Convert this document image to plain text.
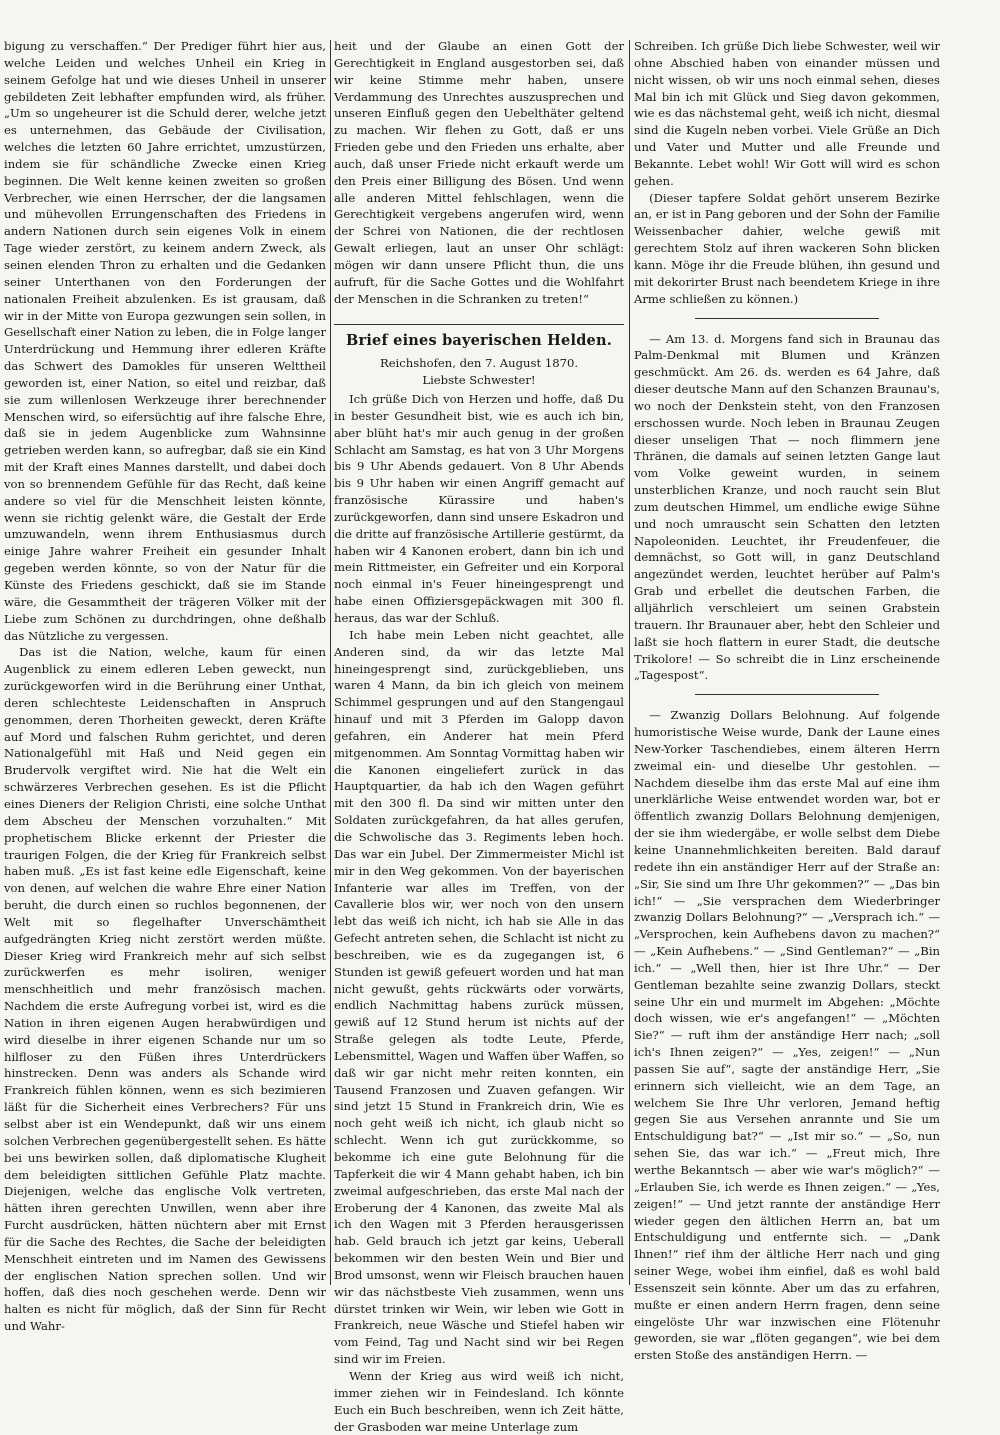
bigung zu verschaffen.“ Der Prediger führt hier aus, welche Leiden und welches Unheil ein Krieg in seinem Gefolge hat und wie dieses Unheil in unserer gebildeten Zeit lebhafter empfunden wird, als früher. „Um so ungeheurer ist die Schuld derer, welche jetzt es unternehmen, das Gebäude der Civilisation, welches die letzten 60 Jahre errichtet, umzustürzen, indem sie für schändliche Zwecke einen Krieg beginnen. Die Welt kenne keinen zweiten so großen Verbrecher, wie einen Herrscher, der die langsamen und mühevollen Errungenschaften des Friedens in andern Nationen durch sein eigenes Volk in einem Tage wieder zerstört, zu keinem andern Zweck, als seinen elenden Thron zu erhalten und die Gedanken seiner Unterthanen von den Forderungen der nationalen Freiheit abzulenken. Es ist grausam, daß wir in der Mitte von Europa gezwungen sein sollen, in Gesellschaft einer Nation zu leben, die in Folge langer Unterdrückung und Hemmung ihrer edleren Kräfte das Schwert des Damokles für unseren Welttheil geworden ist, einer Nation, so eitel und reizbar, daß sie zum willenlosen Werkzeuge ihrer berechnender Menschen wird, so eifersüchtig auf ihre falsche Ehre, daß sie in jedem Augenblicke zum Wahnsinne getrieben werden kann, so aufregbar, daß sie ein Kind mit der Kraft eines Mannes darstellt, und dabei doch von so brennendem Gefühle für das Recht, daß keine andere so viel für die Menschheit leisten könnte, wenn sie richtig gelenkt wäre, die Gestalt der Erde umzuwandeln, wenn ihrem Enthusiasmus durch einige Jahre wahrer Freiheit ein gesunder Inhalt gegeben werden könnte, so von der Natur für die Künste des Friedens geschickt, daß sie im Stande wäre, die Gesammtheit der trägeren Völker mit der Liebe zum Schönen zu durchdringen, ohne deßhalb das Nützliche zu vergessen.

Das ist die Nation, welche, kaum für einen Augenblick zu einem edleren Leben geweckt, nun zurückgeworfen wird in die Berührung einer Unthat, deren schlechteste Leidenschaften in Anspruch genommen, deren Thorheiten geweckt, deren Kräfte auf Mord und falschen Ruhm gerichtet, und deren Nationalgefühl mit Haß und Neid gegen ein Brudervolk vergiftet wird. Nie hat die Welt ein schwärzeres Verbrechen gesehen. Es ist die Pflicht eines Dieners der Religion Christi, eine solche Unthat dem Abscheu der Menschen vorzuhalten.“ Mit prophetischem Blicke erkennt der Priester die traurigen Folgen, die der Krieg für Frankreich selbst haben muß. „Es ist fast keine edle Eigenschaft, keine von denen, auf welchen die wahre Ehre einer Nation beruht, die durch einen so ruchlos begonnenen, der Welt mit so flegelhafter Unverschämtheit aufgedrängten Krieg nicht zerstört werden müßte. Dieser Krieg wird Frankreich mehr auf sich selbst zurückwerfen es mehr isoliren, weniger menschheitlich und mehr französisch machen. Nachdem die erste Aufregung vorbei ist, wird es die Nation in ihren eigenen Augen herabwürdigen und wird dieselbe in ihrer eigenen Schande nur um so hilfloser zu den Füßen ihres Unterdrückers hinstrecken. Denn was anders als Schande wird Frankreich fühlen können, wenn es sich bezimieren läßt für die Sicherheit eines Verbrechers? Für uns selbst aber ist ein Wendepunkt, daß wir uns einem solchen Verbrechen gegenübergestellt sehen. Es hätte bei uns bewirken sollen, daß diplomatische Klugheit dem beleidigten sittlichen Gefühle Platz machte. Diejenigen, welche das englische Volk vertreten, hätten ihren gerechten Unwillen, wenn aber ihre Furcht ausdrücken, hätten nüchtern aber mit Ernst für die Sache des Rechtes, die Sache der beleidigten Menschheit eintreten und im Namen des Gewissens der englischen Nation sprechen sollen. Und wir hoffen, daß dies noch geschehen werde. Denn wir halten es nicht für möglich, daß der Sinn für Recht und Wahr-

heit und der Glaube an einen Gott der Gerechtigkeit in England ausgestorben sei, daß wir keine Stimme mehr haben, unsere Verdammung des Unrechtes auszusprechen und unseren Einfluß gegen den Uebelthäter geltend zu machen. Wir flehen zu Gott, daß er uns Frieden gebe und den Frieden uns erhalte, aber auch, daß unser Friede nicht erkauft werde um den Preis einer Billigung des Bösen. Und wenn alle anderen Mittel fehlschlagen, wenn die Gerechtigkeit vergebens angerufen wird, wenn der Schrei von Nationen, die der rechtlosen Gewalt erliegen, laut an unser Ohr schlägt: mögen wir dann unsere Pflicht thun, die uns aufruft, für die Sache Gottes und die Wohlfahrt der Menschen in die Schranken zu treten!“

Brief eines bayerischen Helden.

Reichshofen, den 7. August 1870.

Liebste Schwester!

Ich grüße Dich von Herzen und hoffe, daß Du in bester Gesundheit bist, wie es auch ich bin, aber blüht hat's mir auch genug in der großen Schlacht am Samstag, es hat von 3 Uhr Morgens bis 9 Uhr Abends gedauert. Von 8 Uhr Abends bis 9 Uhr haben wir einen Angriff gemacht auf französische Kürassire und haben's zurückgeworfen, dann sind unsere Eskadron und die dritte auf französische Artillerie gestürmt, da haben wir 4 Kanonen erobert, dann bin ich und mein Rittmeister, ein Gefreiter und ein Korporal noch einmal in's Feuer hineingesprengt und habe einen Offiziersgepäckwagen mit 300 fl. heraus, das war der Schluß.

Ich habe mein Leben nicht geachtet, alle Anderen sind, da wir das letzte Mal hineingesprengt sind, zurückgeblieben, uns waren 4 Mann, da bin ich gleich von meinem Schimmel gesprungen und auf den Stangengaul hinauf und mit 3 Pferden im Galopp davon gefahren, ein Anderer hat mein Pferd mitgenommen. Am Sonntag Vormittag haben wir die Kanonen eingeliefert zurück in das Hauptquartier, da hab ich den Wagen geführt mit den 300 fl. Da sind wir mitten unter den Soldaten zurückgefahren, da hat alles gerufen, die Schwolische das 3. Regiments leben hoch. Das war ein Jubel. Der Zimmermeister Michl ist mir in den Weg gekommen. Von der bayerischen Infanterie war alles im Treffen, von der Cavallerie blos wir, wer noch von den unsern lebt das weiß ich nicht, ich hab sie Alle in das Gefecht antreten sehen, die Schlacht ist nicht zu beschreiben, wie es da zugegangen ist, 6 Stunden ist gewiß gefeuert worden und hat man nicht gewußt, gehts rückwärts oder vorwärts, endlich Nachmittag habens zurück müssen, gewiß auf 12 Stund herum ist nichts auf der Straße gelegen als todte Leute, Pferde, Lebensmittel, Wagen und Waffen über Waffen, so daß wir gar nicht mehr reiten konnten, ein Tausend Franzosen und Zuaven gefangen. Wir sind jetzt 15 Stund in Frankreich drin, Wie es noch geht weiß ich nicht, ich glaub nicht so schlecht. Wenn ich gut zurückkomme, so bekomme ich eine gute Belohnung für die Tapferkeit die wir 4 Mann gehabt haben, ich bin zweimal aufgeschrieben, das erste Mal nach der Eroberung der 4 Kanonen, das zweite Mal als ich den Wagen mit 3 Pferden herausgerissen hab. Geld brauch ich jetzt gar keins, Ueberall bekommen wir den besten Wein und Bier und Brod umsonst, wenn wir Fleisch brauchen hauen wir das nächstbeste Vieh zusammen, wenn uns dürstet trinken wir Wein, wir leben wie Gott in Frankreich, neue Wäsche und Stiefel haben wir vom Feind, Tag und Nacht sind wir bei Regen sind wir im Freien.

Wenn der Krieg aus wird weiß ich nicht, immer ziehen wir in Feindesland. Ich könnte Euch ein Buch beschreiben, wenn ich Zeit hätte, der Grasboden war meine Unterlage zum

Schreiben. Ich grüße Dich liebe Schwester, weil wir ohne Abschied haben von einander müssen und nicht wissen, ob wir uns noch einmal sehen, dieses Mal bin ich mit Glück und Sieg davon gekommen, wie es das nächstemal geht, weiß ich nicht, diesmal sind die Kugeln neben vorbei. Viele Grüße an Dich und Vater und Mutter und alle Freunde und Bekannte. Lebet wohl! Wir Gott will wird es schon gehen.

(Dieser tapfere Soldat gehört unserem Bezirke an, er ist in Pang geboren und der Sohn der Familie Weissenbacher dahier, welche gewiß mit gerechtem Stolz auf ihren wackeren Sohn blicken kann. Möge ihr die Freude blühen, ihn gesund und mit dekorirter Brust nach beendetem Kriege in ihre Arme schließen zu können.)

— Am 13. d. Morgens fand sich in Braunau das Palm-Denkmal mit Blumen und Kränzen geschmückt. Am 26. ds. werden es 64 Jahre, daß dieser deutsche Mann auf den Schanzen Braunau's, wo noch der Denkstein steht, von den Franzosen erschossen wurde. Noch leben in Braunau Zeugen dieser unseligen That — noch flimmern jene Thränen, die damals auf seinen letzten Gange laut vom Volke geweint wurden, in seinem unsterblichen Kranze, und noch raucht sein Blut zum deutschen Himmel, um endliche ewige Sühne und noch umrauscht sein Schatten den letzten Napoleoniden. Leuchtet, ihr Freudenfeuer, die demnächst, so Gott will, in ganz Deutschland angezündet werden, leuchtet herüber auf Palm's Grab und erbellet die deutschen Farben, die alljährlich verschleiert um seinen Grabstein trauern. Ihr Braunauer aber, hebt den Schleier und laßt sie hoch flattern in eurer Stadt, die deutsche Trikolore! — So schreibt die in Linz erscheinende „Tagespost“.

— Zwanzig Dollars Belohnung. Auf folgende humoristische Weise wurde, Dank der Laune eines New-Yorker Taschendiebes, einem älteren Herrn zweimal ein- und dieselbe Uhr gestohlen. — Nachdem dieselbe ihm das erste Mal auf eine ihm unerklärliche Weise entwendet worden war, bot er öffentlich zwanzig Dollars Belohnung demjenigen, der sie ihm wiedergäbe, er wolle selbst dem Diebe keine Unannehmlichkeiten bereiten. Bald darauf redete ihn ein anständiger Herr auf der Straße an: „Sir, Sie sind um Ihre Uhr gekommen?“ — „Das bin ich!“ — „Sie versprachen dem Wiederbringer zwanzig Dollars Belohnung?“ — „Versprach ich.“ — „Versprochen, kein Aufhebens davon zu machen?“ — „Kein Aufhebens.“ — „Sind Gentleman?“ — „Bin ich.“ — „Well then, hier ist Ihre Uhr.“ — Der Gentleman bezahlte seine zwanzig Dollars, steckt seine Uhr ein und murmelt im Abgehen: „Möchte doch wissen, wie er's angefangen!“ — „Möchten Sie?“ — ruft ihm der anständige Herr nach; „soll ich's Ihnen zeigen?“ — „Yes, zeigen!“ — „Nun passen Sie auf“, sagte der anständige Herr, „Sie erinnern sich vielleicht, wie an dem Tage, an welchem Sie Ihre Uhr verloren, Jemand heftig gegen Sie aus Versehen anrannte und Sie um Entschuldigung bat?“ — „Ist mir so.“ — „So, nun sehen Sie, das war ich.“ — „Freut mich, Ihre werthe Bekanntsch — aber wie war's möglich?“ — „Erlauben Sie, ich werde es Ihnen zeigen.“ — „Yes, zeigen!“ — Und jetzt rannte der anständige Herr wieder gegen den ältlichen Herrn an, bat um Entschuldigung und entfernte sich. — „Dank Ihnen!“ rief ihm der ältliche Herr nach und ging seiner Wege, wobei ihm einfiel, daß es wohl bald Essenszeit sein könnte. Aber um das zu erfahren, mußte er einen andern Herrn fragen, denn seine eingelöste Uhr war inzwischen eine Flötenuhr geworden, sie war „flöten gegangen“, wie bei dem ersten Stoße des anständigen Herrn. —
